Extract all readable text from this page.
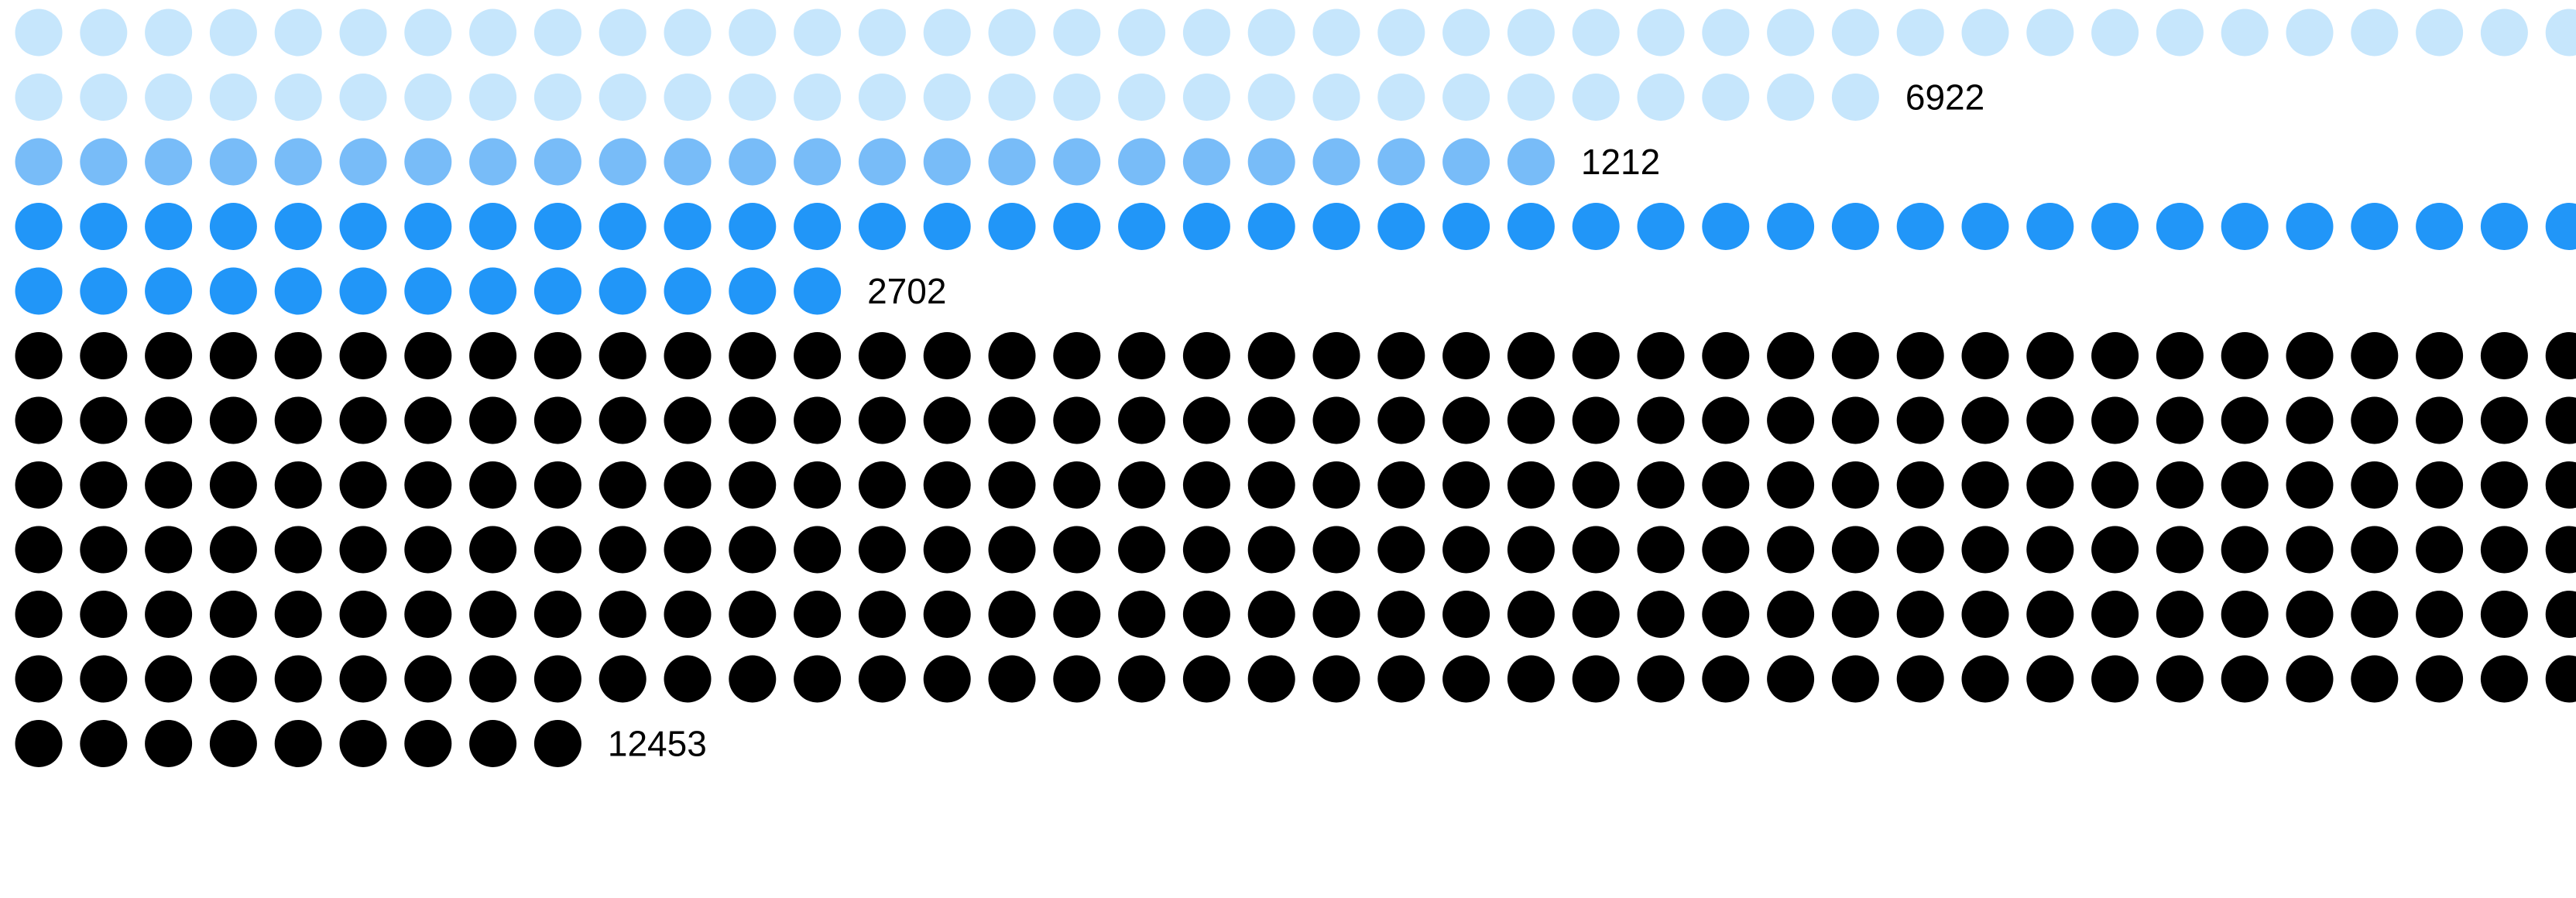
6922
1212
2702
12453
